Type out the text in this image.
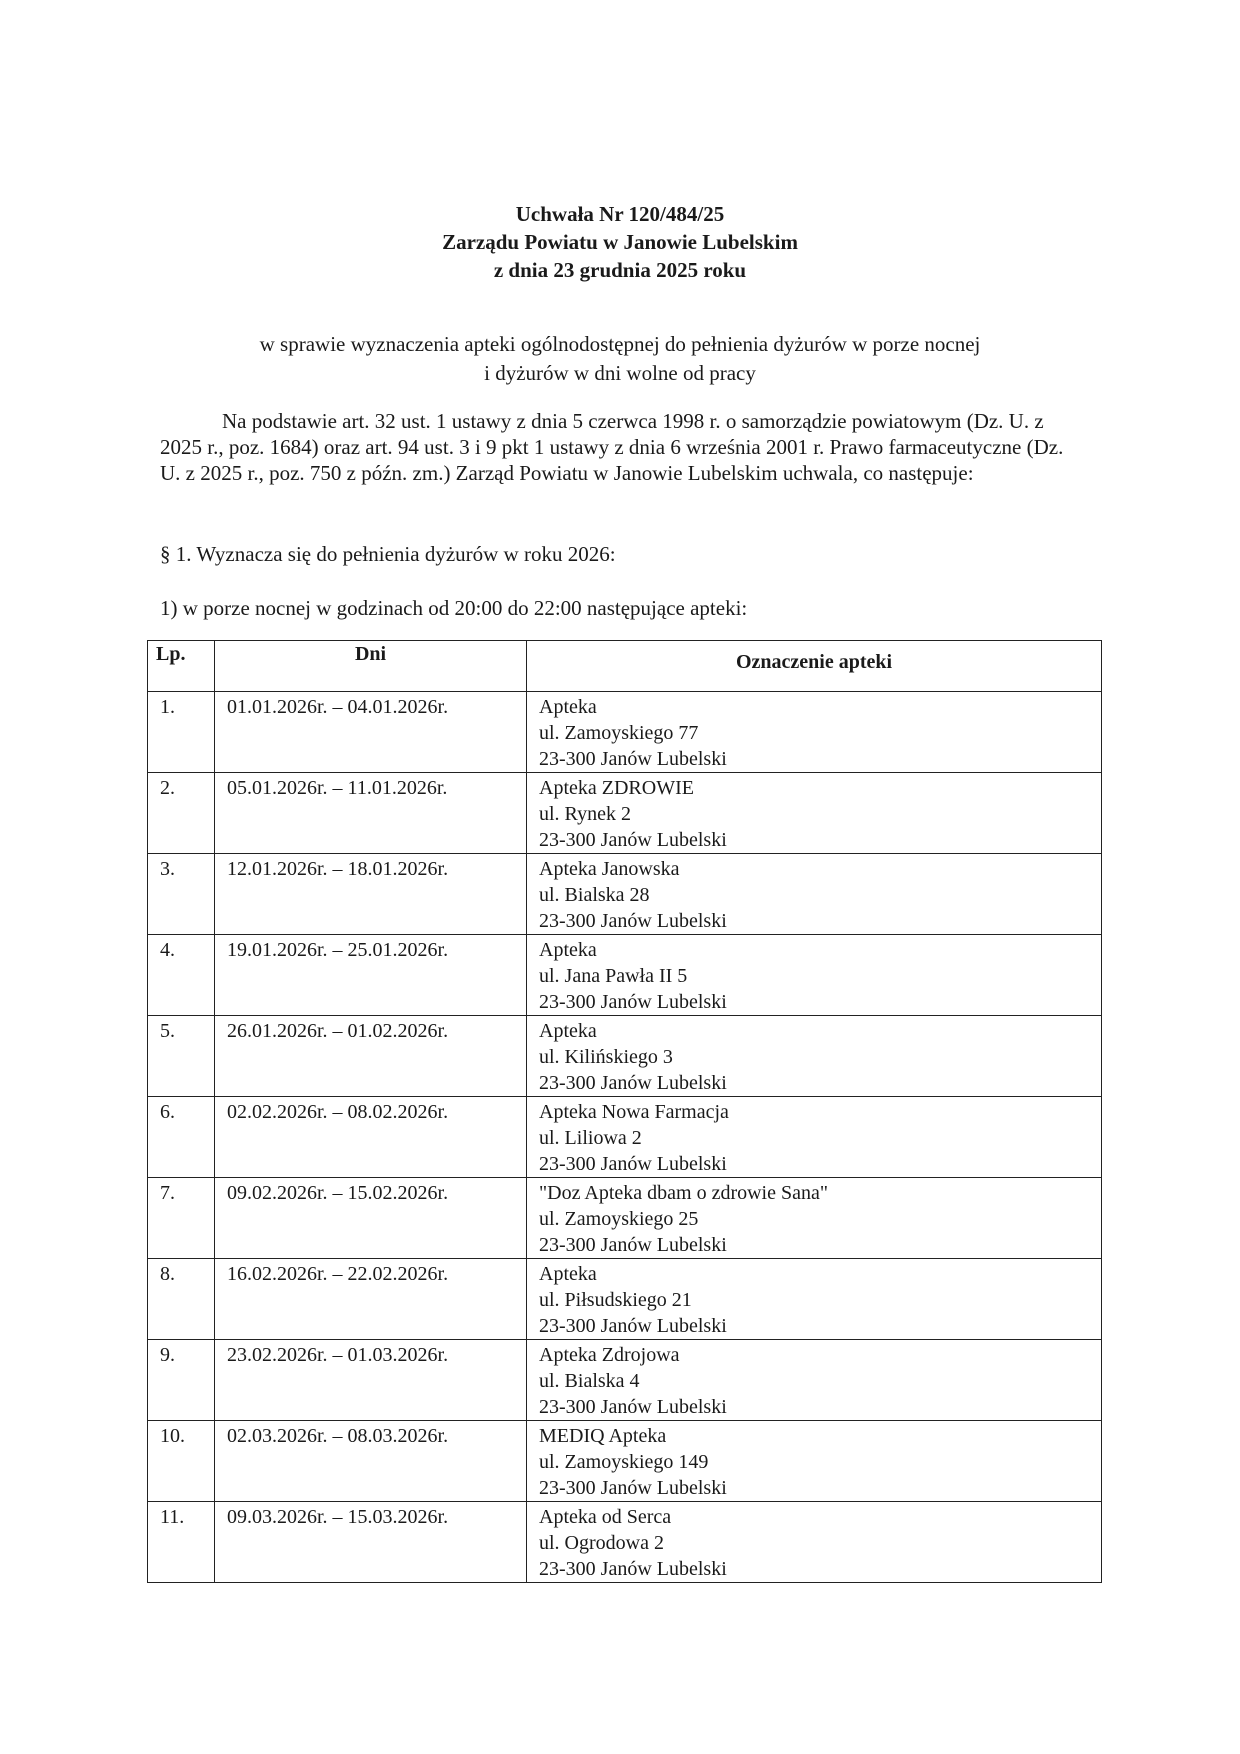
Uchwała Nr 120/484/25
Zarządu Powiatu w Janowie Lubelskim
z dnia 23 grudnia 2025 roku
w sprawie wyznaczenia apteki ogólnodostępnej do pełnienia dyżurów w porze nocnej
i dyżurów w dni wolne od pracy
Na podstawie art. 32 ust. 1 ustawy z dnia 5 czerwca 1998 r. o samorządzie powiatowym (Dz. U. z 2025 r., poz. 1684) oraz art. 94 ust. 3 i 9 pkt 1 ustawy z dnia 6 września 2001 r. Prawo farmaceutyczne (Dz. U. z 2025 r., poz. 750 z późn. zm.) Zarząd Powiatu w Janowie Lubelskim uchwala, co następuje:
§ 1. Wyznacza się do pełnienia dyżurów w roku 2026:
1) w porze nocnej w godzinach od 20:00 do 22:00 następujące apteki:
Lp.	Dni	Oznaczenie apteki
1.	01.01.2026r. – 04.01.2026r.	Apteka
ul. Zamoyskiego 77
23-300 Janów Lubelski

2.	05.01.2026r. – 11.01.2026r.	Apteka ZDROWIE
ul. Rynek 2
23-300 Janów Lubelski

3.	12.01.2026r. – 18.01.2026r.	Apteka Janowska
ul. Bialska 28
23-300 Janów Lubelski

4.	19.01.2026r. – 25.01.2026r.	Apteka
ul. Jana Pawła II 5
23-300 Janów Lubelski

5.	26.01.2026r. – 01.02.2026r.	Apteka
ul. Kilińskiego 3
23-300 Janów Lubelski

6.	02.02.2026r. – 08.02.2026r.	Apteka Nowa Farmacja
ul. Liliowa 2
23-300 Janów Lubelski

7.	09.02.2026r. – 15.02.2026r.	"Doz Apteka dbam o zdrowie Sana"
ul. Zamoyskiego 25
23-300 Janów Lubelski

8.	16.02.2026r. – 22.02.2026r.	Apteka
ul. Piłsudskiego 21
23-300 Janów Lubelski

9.	23.02.2026r. – 01.03.2026r.	Apteka Zdrojowa
ul. Bialska 4
23-300 Janów Lubelski

10.	02.03.2026r. – 08.03.2026r.	MEDIQ Apteka
ul. Zamoyskiego 149
23-300 Janów Lubelski

11.	09.03.2026r. – 15.03.2026r.	Apteka od Serca
ul. Ogrodowa 2
23-300 Janów Lubelski
